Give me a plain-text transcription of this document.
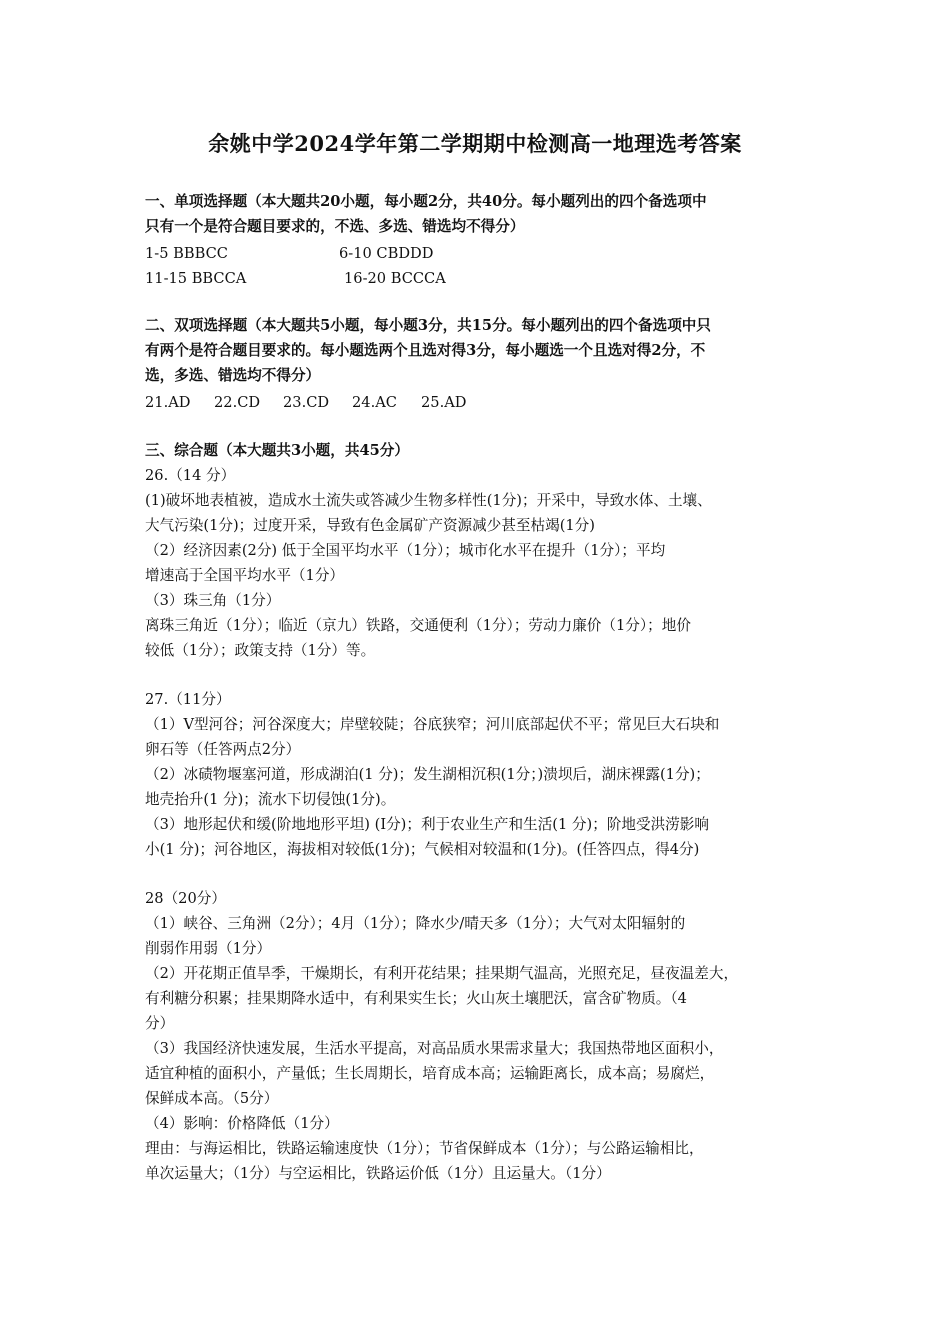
余姚中学2024学年第二学期期中检测高一地理选考答案
一、单项选择题（本大题共20小题，每小题2分，共40分。每小题列出的四个备选项中
只有一个是符合题目要求的，不选、多选、错选均不得分）
1-5 BBBCC	6-10 CBDDD
11-15 BBCCA	16-20 BCCCA
二、双项选择题（本大题共5小题，每小题3分，共15分。每小题列出的四个备选项中只
有两个是符合题目要求的。每小题选两个且选对得3分，每小题选一个且选对得2分，不
选，多选、错选均不得分）
21.AD 22.CD 23.CD 24.AC 25.AD
三、综合题（本大题共3小题，共45分）
26.（14 分）
(1)破坏地表植被，造成水土流失或答减少生物多样性(1分)；开采中，导致水体、土壤、
大气污染(1分)；过度开采，导致有色金属矿产资源减少甚至枯竭(1分)
（2）经济因素(2分) 低于全国平均水平（1分）；城市化水平在提升（1分）；平均
增速高于全国平均水平（1分）
（3）珠三角（1分）
离珠三角近（1分）；临近（京九）铁路，交通便利（1分）；劳动力廉价（1分）；地价
较低（1分）；政策支持（1分）等。
27.（11分）
（1）V型河谷；河谷深度大；岸壁较陡；谷底狭窄；河川底部起伏不平；常见巨大石块和
卵石等（任答两点2分）
（2）冰碛物堰塞河道，形成湖泊(1 分)；发生湖相沉积(1分；)溃坝后，湖床裸露(1分)；
地壳抬升(1 分)；流水下切侵蚀(1分)。
（3）地形起伏和缓(阶地地形平坦) (Ⅰ分)；利于农业生产和生活(1 分)；阶地受洪涝影响
小(1 分)；河谷地区，海拔相对较低(1分)；气候相对较温和(1分)。(任答四点，得4分)
28（20分）
（1）峡谷、三角洲（2分）；4月（1分）；降水少/晴天多（1分）；大气对太阳辐射的
削弱作用弱（1分）
（2）开花期正值旱季，干燥期长，有利开花结果；挂果期气温高，光照充足，昼夜温差大，
有利糖分积累；挂果期降水适中，有利果实生长；火山灰土壤肥沃，富含矿物质。（4
分）
（3）我国经济快速发展，生活水平提高，对高品质水果需求量大；我国热带地区面积小，
适宜种植的面积小，产量低；生长周期长，培育成本高；运输距离长，成本高；易腐烂，
保鲜成本高。（5分）
（4）影响：价格降低（1分）
理由：与海运相比，铁路运输速度快（1分）；节省保鲜成本（1分）；与公路运输相比，
单次运量大；（1分）与空运相比，铁路运价低（1分）且运量大。（1分）
